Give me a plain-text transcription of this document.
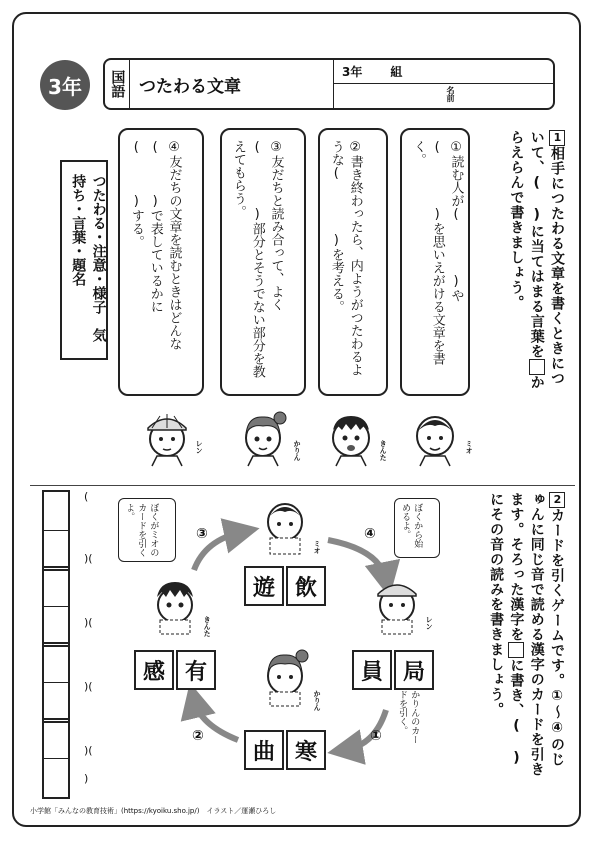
3年	国語 つたわる文章
3年 組
名前
1相手につたわる文章を書くときについて、(　)に当てはまる言葉をからえらんで書きましょう。
①読む人が(　　　　)や(　　　　)を思いえがける文章を書く。
②書き終わったら、内ようがつたわるような(　　　　)を考える。
③友だちと読み合って、よく(　　　　)部分とそうでない部分を教えてもらう。
④友だちの文章を読むときはどんな(　　　)で表しているかに(　　　)する。
つたわる・注意・様子　気持ち・言葉・題名
ミオ
きんた
かりん
レン
2カードを引くゲームです。①〜④のじゅんに同じ音で読める漢字のカードを引きます。そろった漢字をに書き、(　)にその音の読みを書きましょう。
ミオ
遊 飲
レン
員 局
かりん
曲 寒
きんた
感 有
①
②
③	④	ぼくから始めるよ。
ぼくがミオのカードを引くよ。
かりんのカードを引く。
(
)(
)(
)(
)(
)
小学館「みんなの教育技術」(https://kyoiku.sho.jp/)　イラスト／運瀬ひろし
